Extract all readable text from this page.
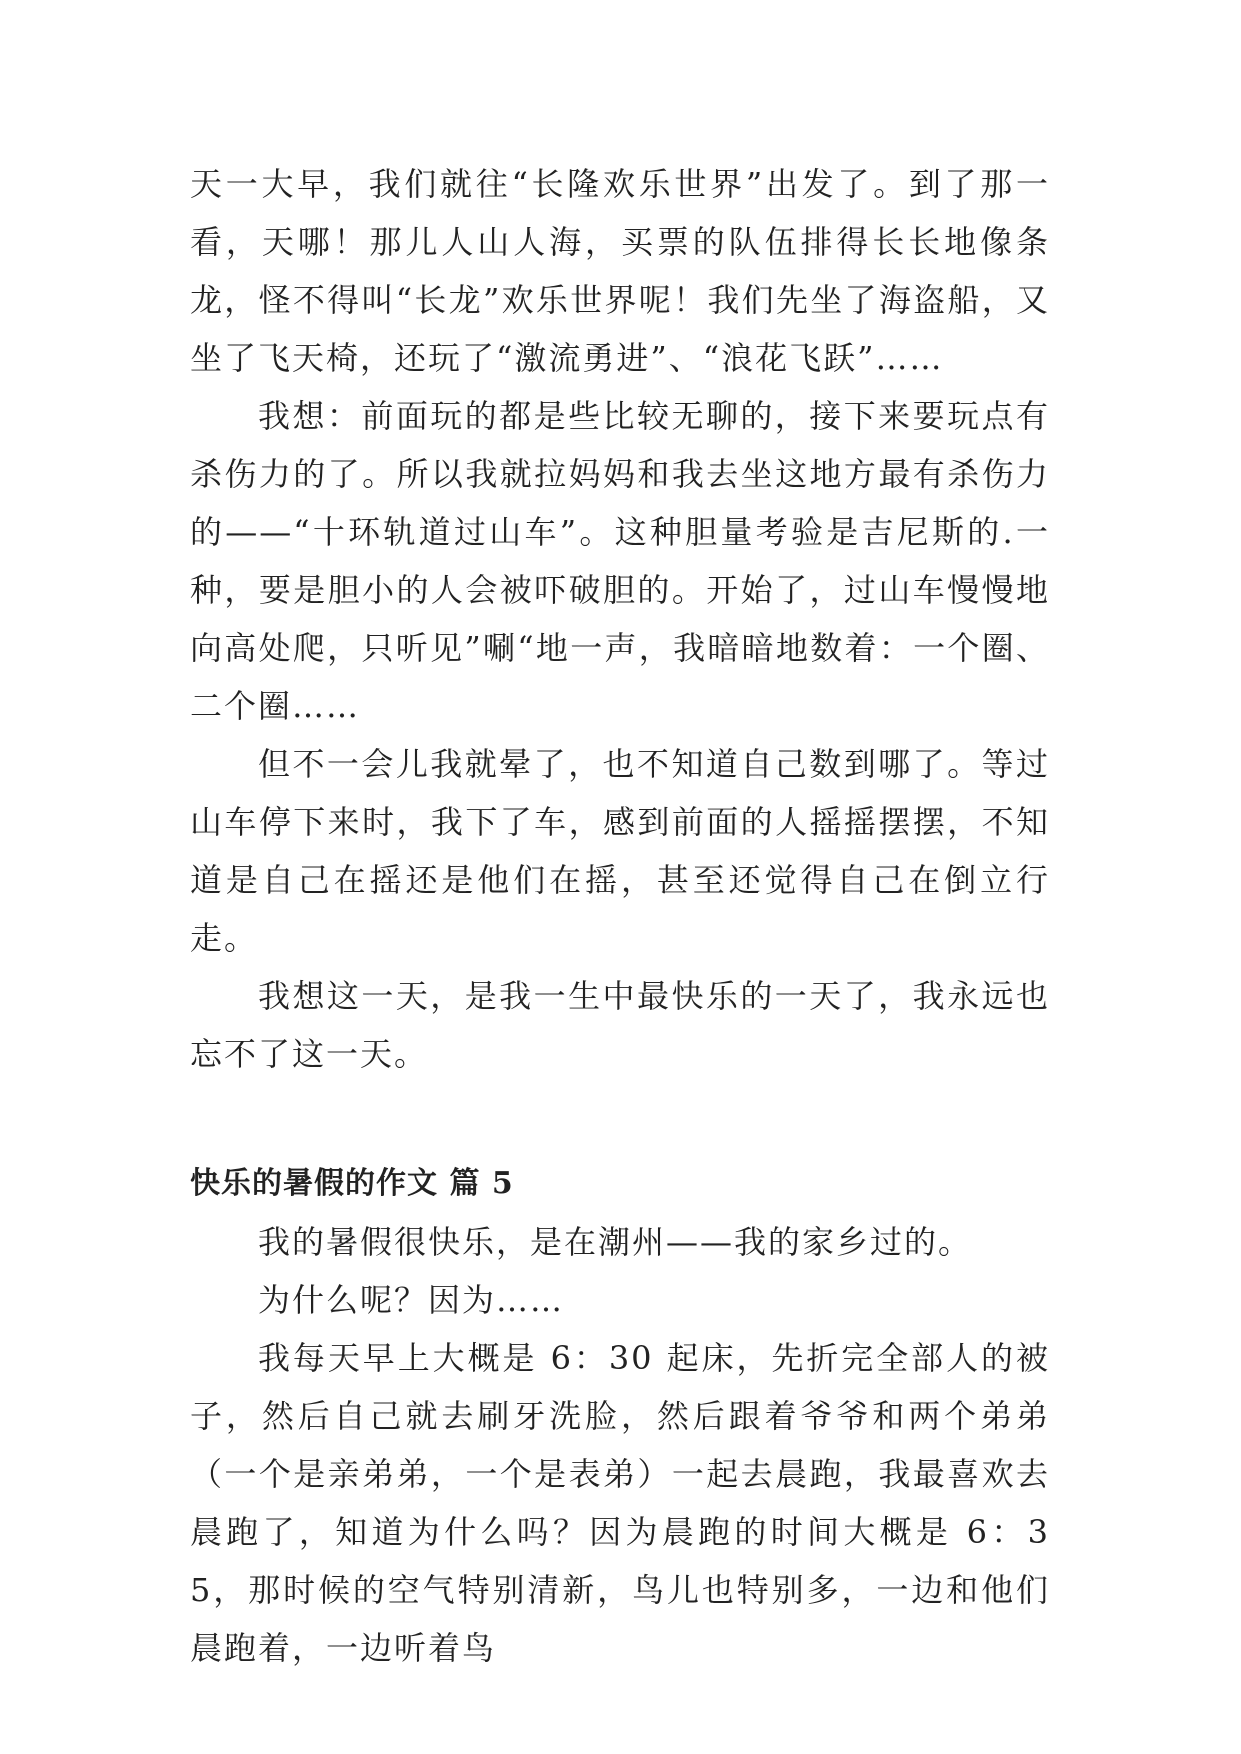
天一大早，我们就往“长隆欢乐世界”出发了。到了那一看，天哪！那儿人山人海，买票的队伍排得长长地像条龙，怪不得叫“长龙”欢乐世界呢！我们先坐了海盗船，又坐了飞天椅，还玩了“激流勇进”、“浪花飞跃”……

我想：前面玩的都是些比较无聊的，接下来要玩点有杀伤力的了。所以我就拉妈妈和我去坐这地方最有杀伤力的——“十环轨道过山车”。这种胆量考验是吉尼斯的.一种，要是胆小的人会被吓破胆的。开始了，过山车慢慢地向高处爬，只听见”唰“地一声，我暗暗地数着：一个圈、二个圈……

但不一会儿我就晕了，也不知道自己数到哪了。等过山车停下来时，我下了车，感到前面的人摇摇摆摆，不知道是自己在摇还是他们在摇，甚至还觉得自己在倒立行走。

我想这一天，是我一生中最快乐的一天了，我永远也忘不了这一天。

快乐的暑假的作文 篇 5

我的暑假很快乐，是在潮州——我的家乡过的。

为什么呢？因为……

我每天早上大概是 6：30 起床，先折完全部人的被子，然后自己就去刷牙洗脸，然后跟着爷爷和两个弟弟（一个是亲弟弟，一个是表弟）一起去晨跑，我最喜欢去晨跑了，知道为什么吗？因为晨跑的时间大概是 6：35，那时候的空气特别清新，鸟儿也特别多，一边和他们晨跑着，一边听着鸟
